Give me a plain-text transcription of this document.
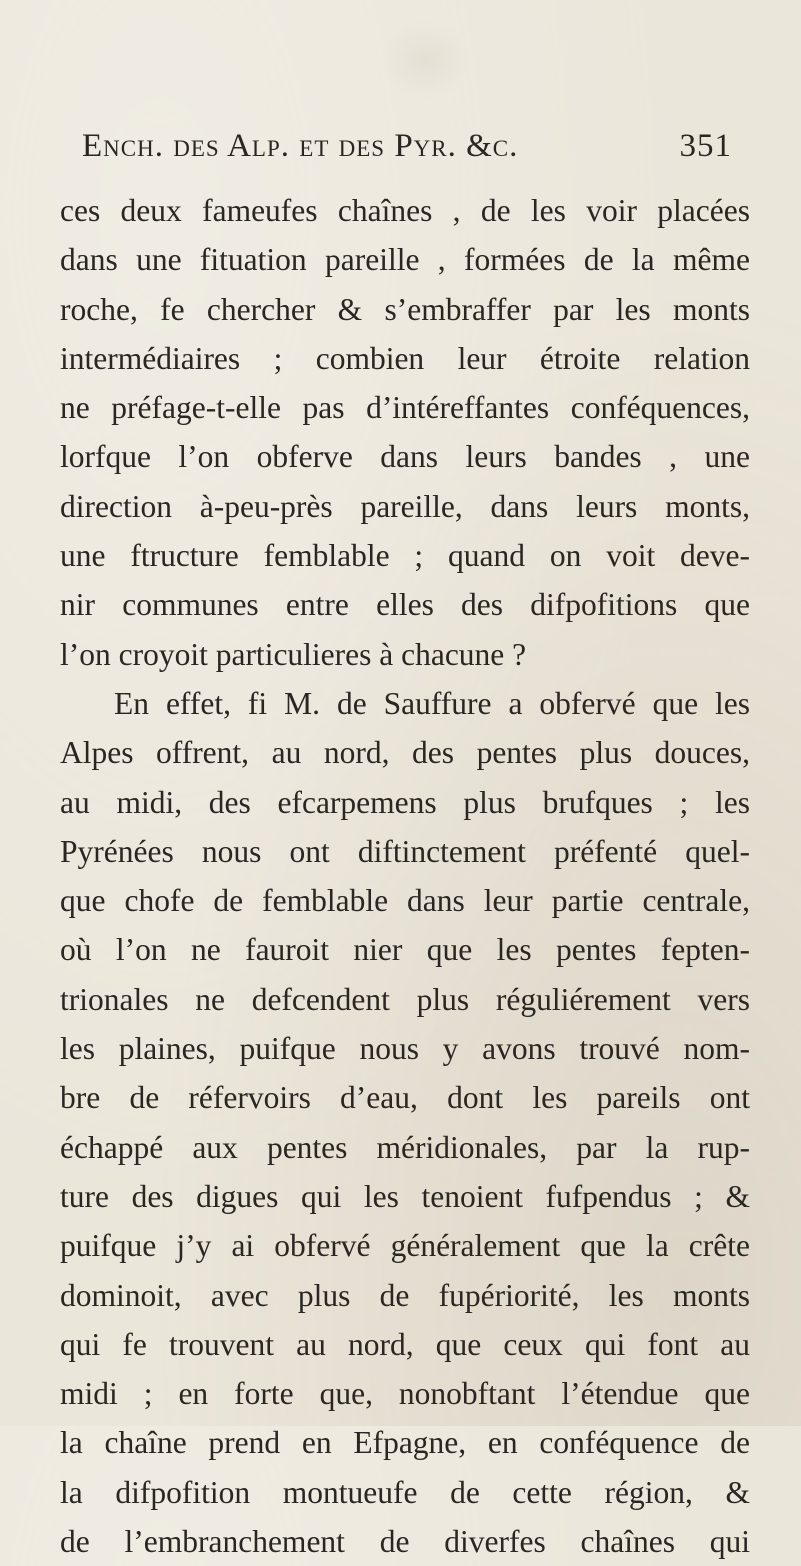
Encн. des Alp. et des Pyr. &c.	351
ces deux fameufes chaînes , de les voir placées
dans une fituation pareille , formées de la même
roche, fe chercher & s’embraffer par les monts
intermédiaires ; combien leur étroite relation
ne préfage-t-elle pas d’intéreffantes conféquences,
lorfque l’on obferve dans leurs bandes , une
direction à-peu-près pareille, dans leurs monts,
une ftructure femblable ; quand on voit deve-
nir communes entre elles des difpofitions que
l’on croyoit particulieres à chacune ?
En effet, fi M. de Sauffure a obfervé que les
Alpes offrent, au nord, des pentes plus douces,
au midi, des efcarpemens plus brufques ; les
Pyrénées nous ont diftinctement préfenté quel-
que chofe de femblable dans leur partie centrale,
où l’on ne fauroit nier que les pentes fepten-
trionales ne defcendent plus réguliérement vers
les plaines, puifque nous y avons trouvé nom-
bre de réfervoirs d’eau, dont les pareils ont
échappé aux pentes méridionales, par la rup-
ture des digues qui les tenoient fufpendus ; &
puifque j’y ai obfervé généralement que la crête
dominoit, avec plus de fupériorité, les monts
qui fe trouvent au nord, que ceux qui font au
midi ; en forte que, nonobftant l’étendue que
la chaîne prend en Efpagne, en conféquence de
la difpofition montueufe de cette région, &
de l’embranchement de diverfes chaînes qui
